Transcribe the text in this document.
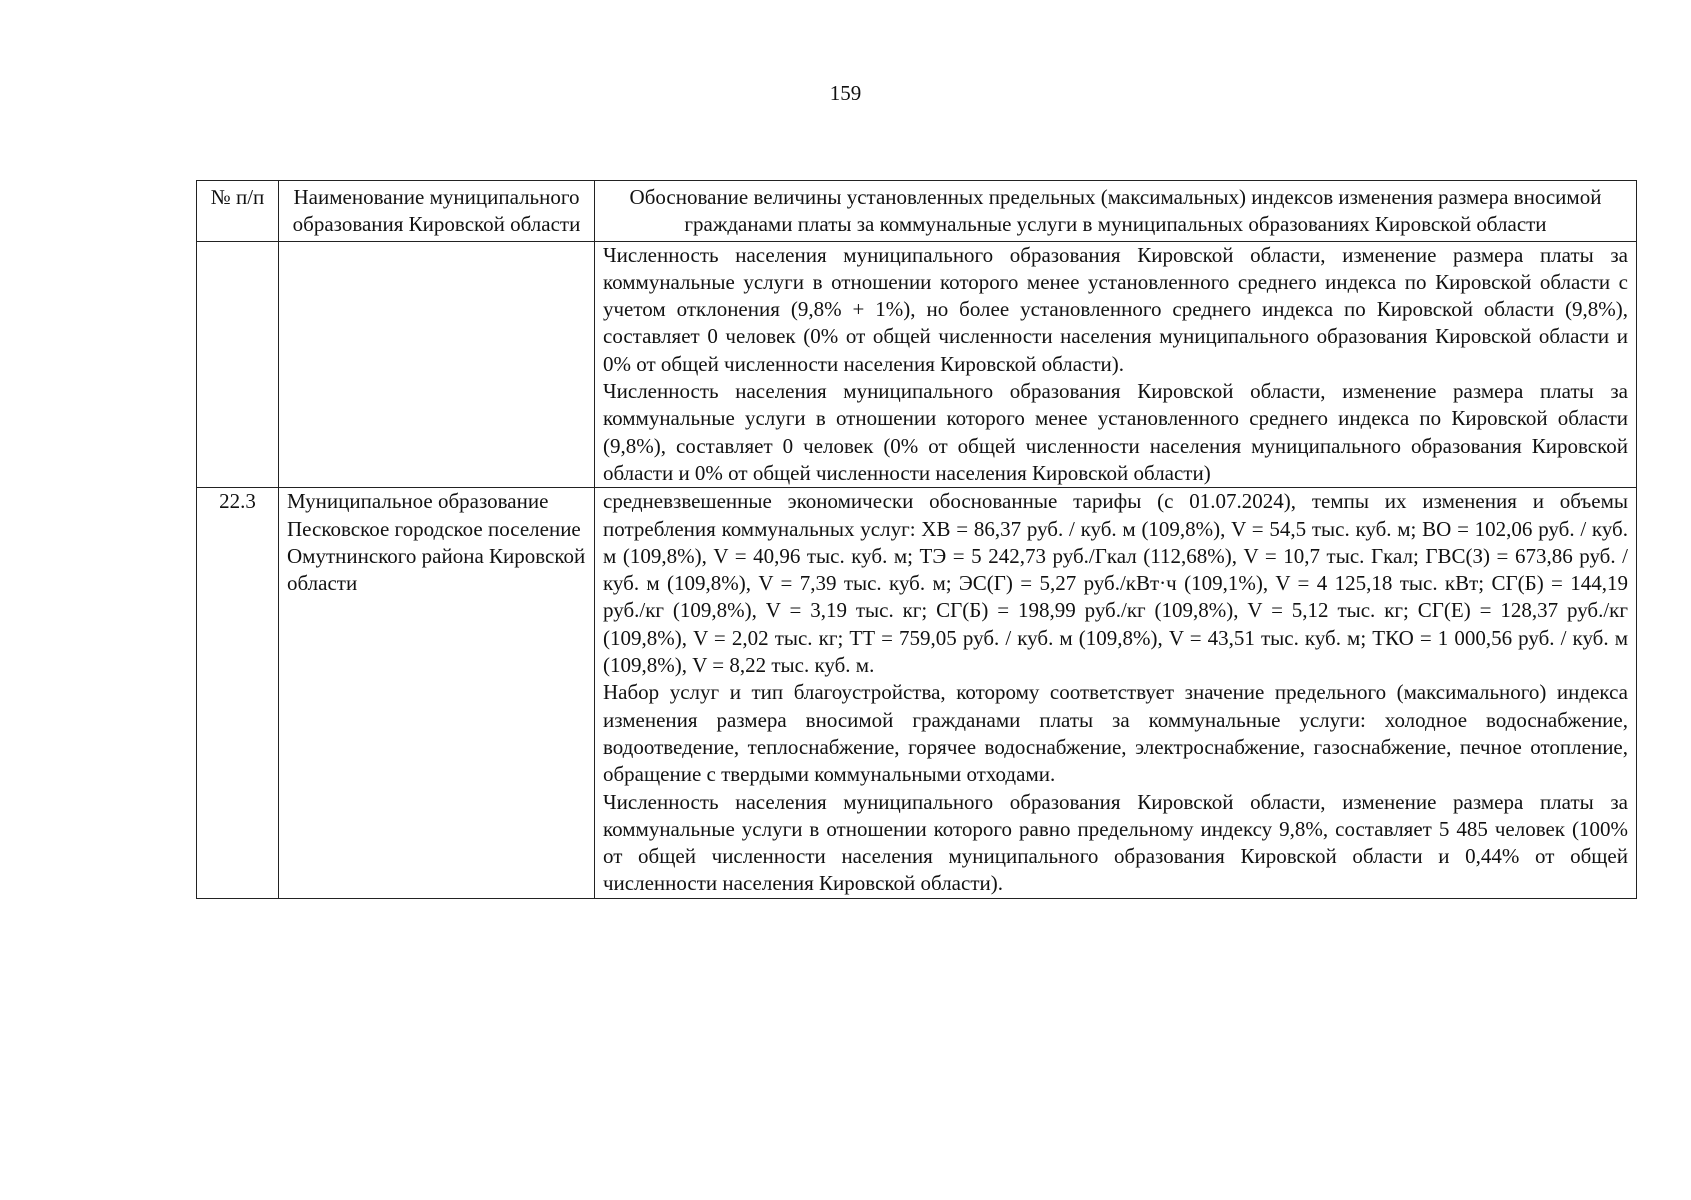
159
№ п/п	Наименование муниципального образования Кировской области	Обоснование величины установленных предельных (максимальных) индексов изменения размера вносимой гражданами платы за коммунальные услуги в муниципальных образованиях Кировской области

		Численность населения муниципального образования Кировской области, изменение размера платы за коммунальные услуги в отношении которого менее установленного среднего индекса по Кировской области с учетом отклонения (9,8% + 1%), но более установленного среднего индекса по Кировской области (9,8%), составляет 0 человек (0% от общей численности населения муниципального образования Кировской области и 0% от общей численности населения Кировской области).
Численность населения муниципального образования Кировской области, изменение размера платы за коммунальные услуги в отношении которого менее установленного среднего индекса по Кировской области (9,8%), составляет 0 человек (0% от общей численности населения муниципального образования Кировской области и 0% от общей численности населения Кировской области)

22.3	Муниципальное образование Песковское городское поселение Омутнинского района Кировской области	средневзвешенные экономически обоснованные тарифы (с 01.07.2024), темпы их изменения и объемы потребления коммунальных услуг: ХВ = 86,37 руб. / куб. м (109,8%), V = 54,5 тыс. куб. м; ВО = 102,06 руб. / куб. м (109,8%), V = 40,96 тыс. куб. м; ТЭ = 5 242,73 руб./Гкал (112,68%), V = 10,7 тыс. Гкал; ГВС(З) = 673,86 руб. / куб. м (109,8%), V = 7,39 тыс. куб. м; ЭС(Г) = 5,27 руб./кВт·ч (109,1%), V = 4 125,18 тыс. кВт; СГ(Б) = 144,19 руб./кг (109,8%), V = 3,19 тыс. кг; СГ(Б) = 198,99 руб./кг (109,8%), V = 5,12 тыс. кг; СГ(Е) = 128,37 руб./кг (109,8%), V = 2,02 тыс. кг; ТТ = 759,05 руб. / куб. м (109,8%), V = 43,51 тыс. куб. м; ТКО = 1 000,56 руб. / куб. м (109,8%), V = 8,22 тыс. куб. м.
Набор услуг и тип благоустройства, которому соответствует значение предельного (максимального) индекса изменения размера вносимой гражданами платы за коммунальные услуги: холодное водоснабжение, водоотведение, теплоснабжение, горячее водоснабжение, электроснабжение, газоснабжение, печное отопление, обращение с твердыми коммунальными отходами.
Численность населения муниципального образования Кировской области, изменение размера платы за коммунальные услуги в отношении которого равно предельному индексу 9,8%, составляет 5 485 человек (100% от общей численности населения муниципального образования Кировской области и 0,44% от общей численности населения Кировской области).
